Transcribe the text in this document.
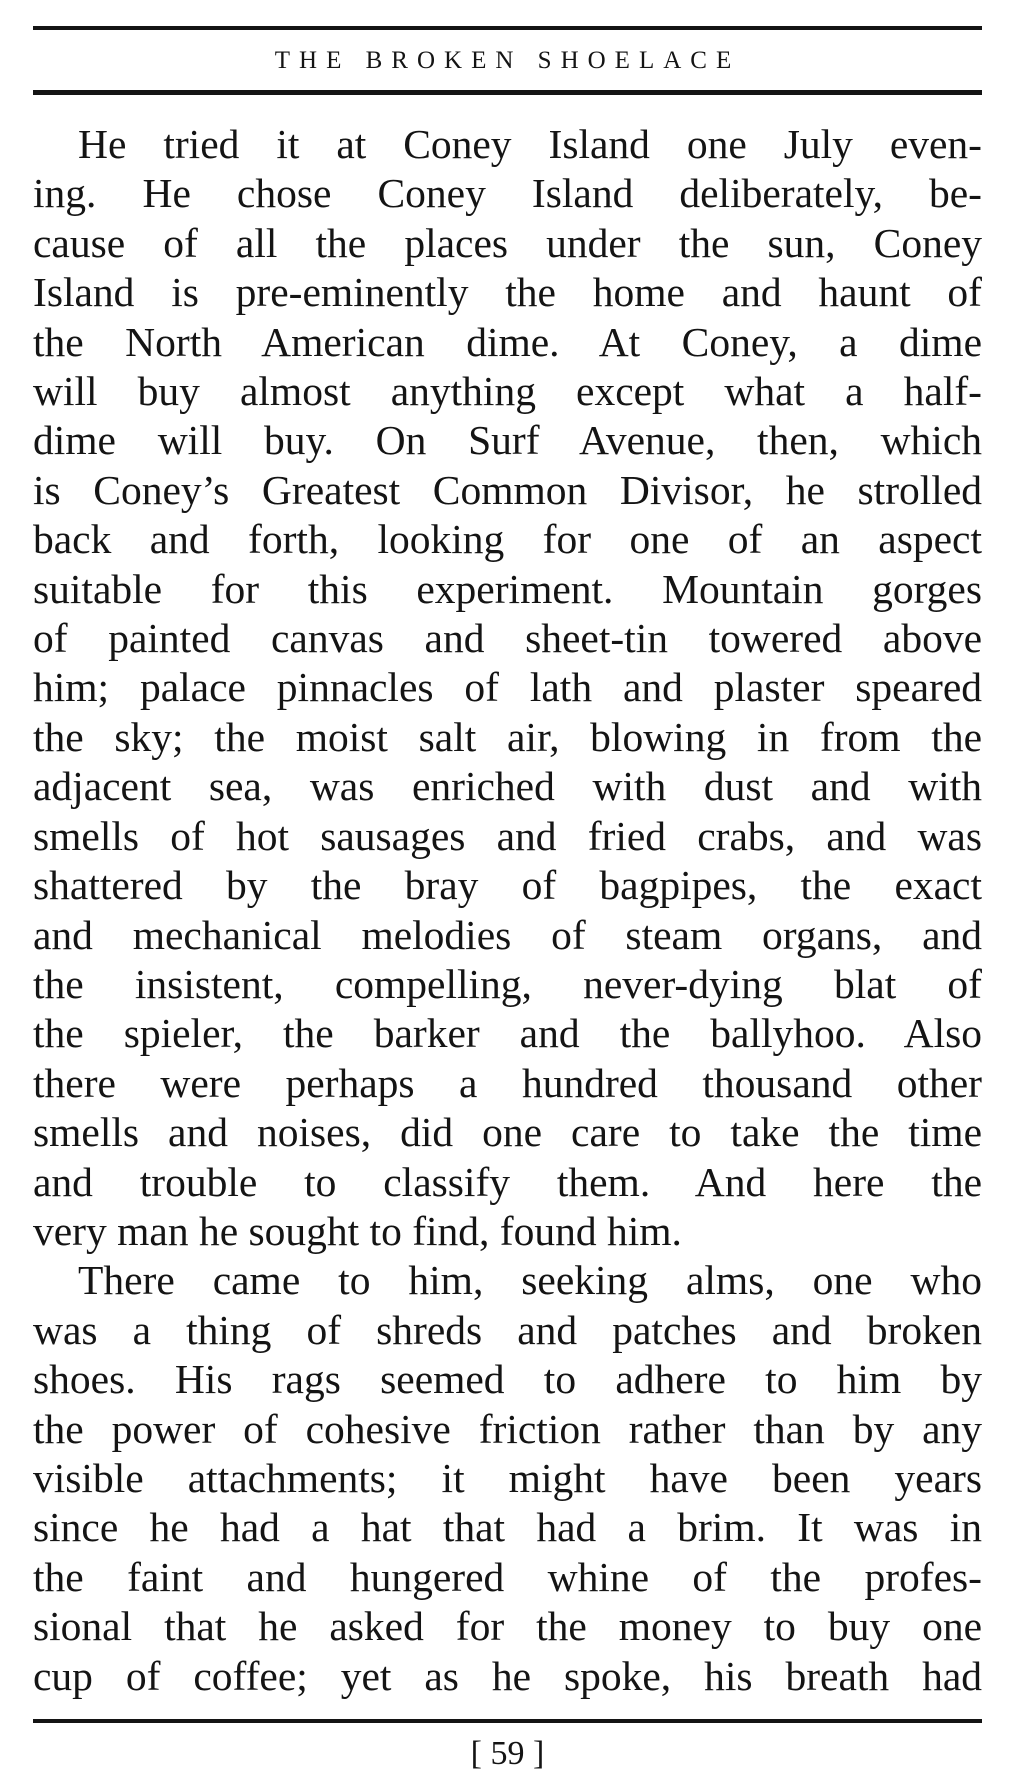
THE BROKEN SHOELACE
He tried it at Coney Island one July even-
ing. He chose Coney Island deliberately, be-
cause of all the places under the sun, Coney
Island is pre-eminently the home and haunt of
the North American dime. At Coney, a dime
will buy almost anything except what a half-
dime will buy. On Surf Avenue, then, which
is Coney’s Greatest Common Divisor, he strolled
back and forth, looking for one of an aspect
suitable for this experiment. Mountain gorges
of painted canvas and sheet-tin towered above
him; palace pinnacles of lath and plaster speared
the sky; the moist salt air, blowing in from the
adjacent sea, was enriched with dust and with
smells of hot sausages and fried crabs, and was
shattered by the bray of bagpipes, the exact
and mechanical melodies of steam organs, and
the insistent, compelling, never-dying blat of
the spieler, the barker and the ballyhoo. Also
there were perhaps a hundred thousand other
smells and noises, did one care to take the time
and trouble to classify them. And here the
very man he sought to find, found him.
There came to him, seeking alms, one who
was a thing of shreds and patches and broken
shoes. His rags seemed to adhere to him by
the power of cohesive friction rather than by any
visible attachments; it might have been years
since he had a hat that had a brim. It was in
the faint and hungered whine of the profes-
sional that he asked for the money to buy one
cup of coffee; yet as he spoke, his breath had
[ 59 ]
